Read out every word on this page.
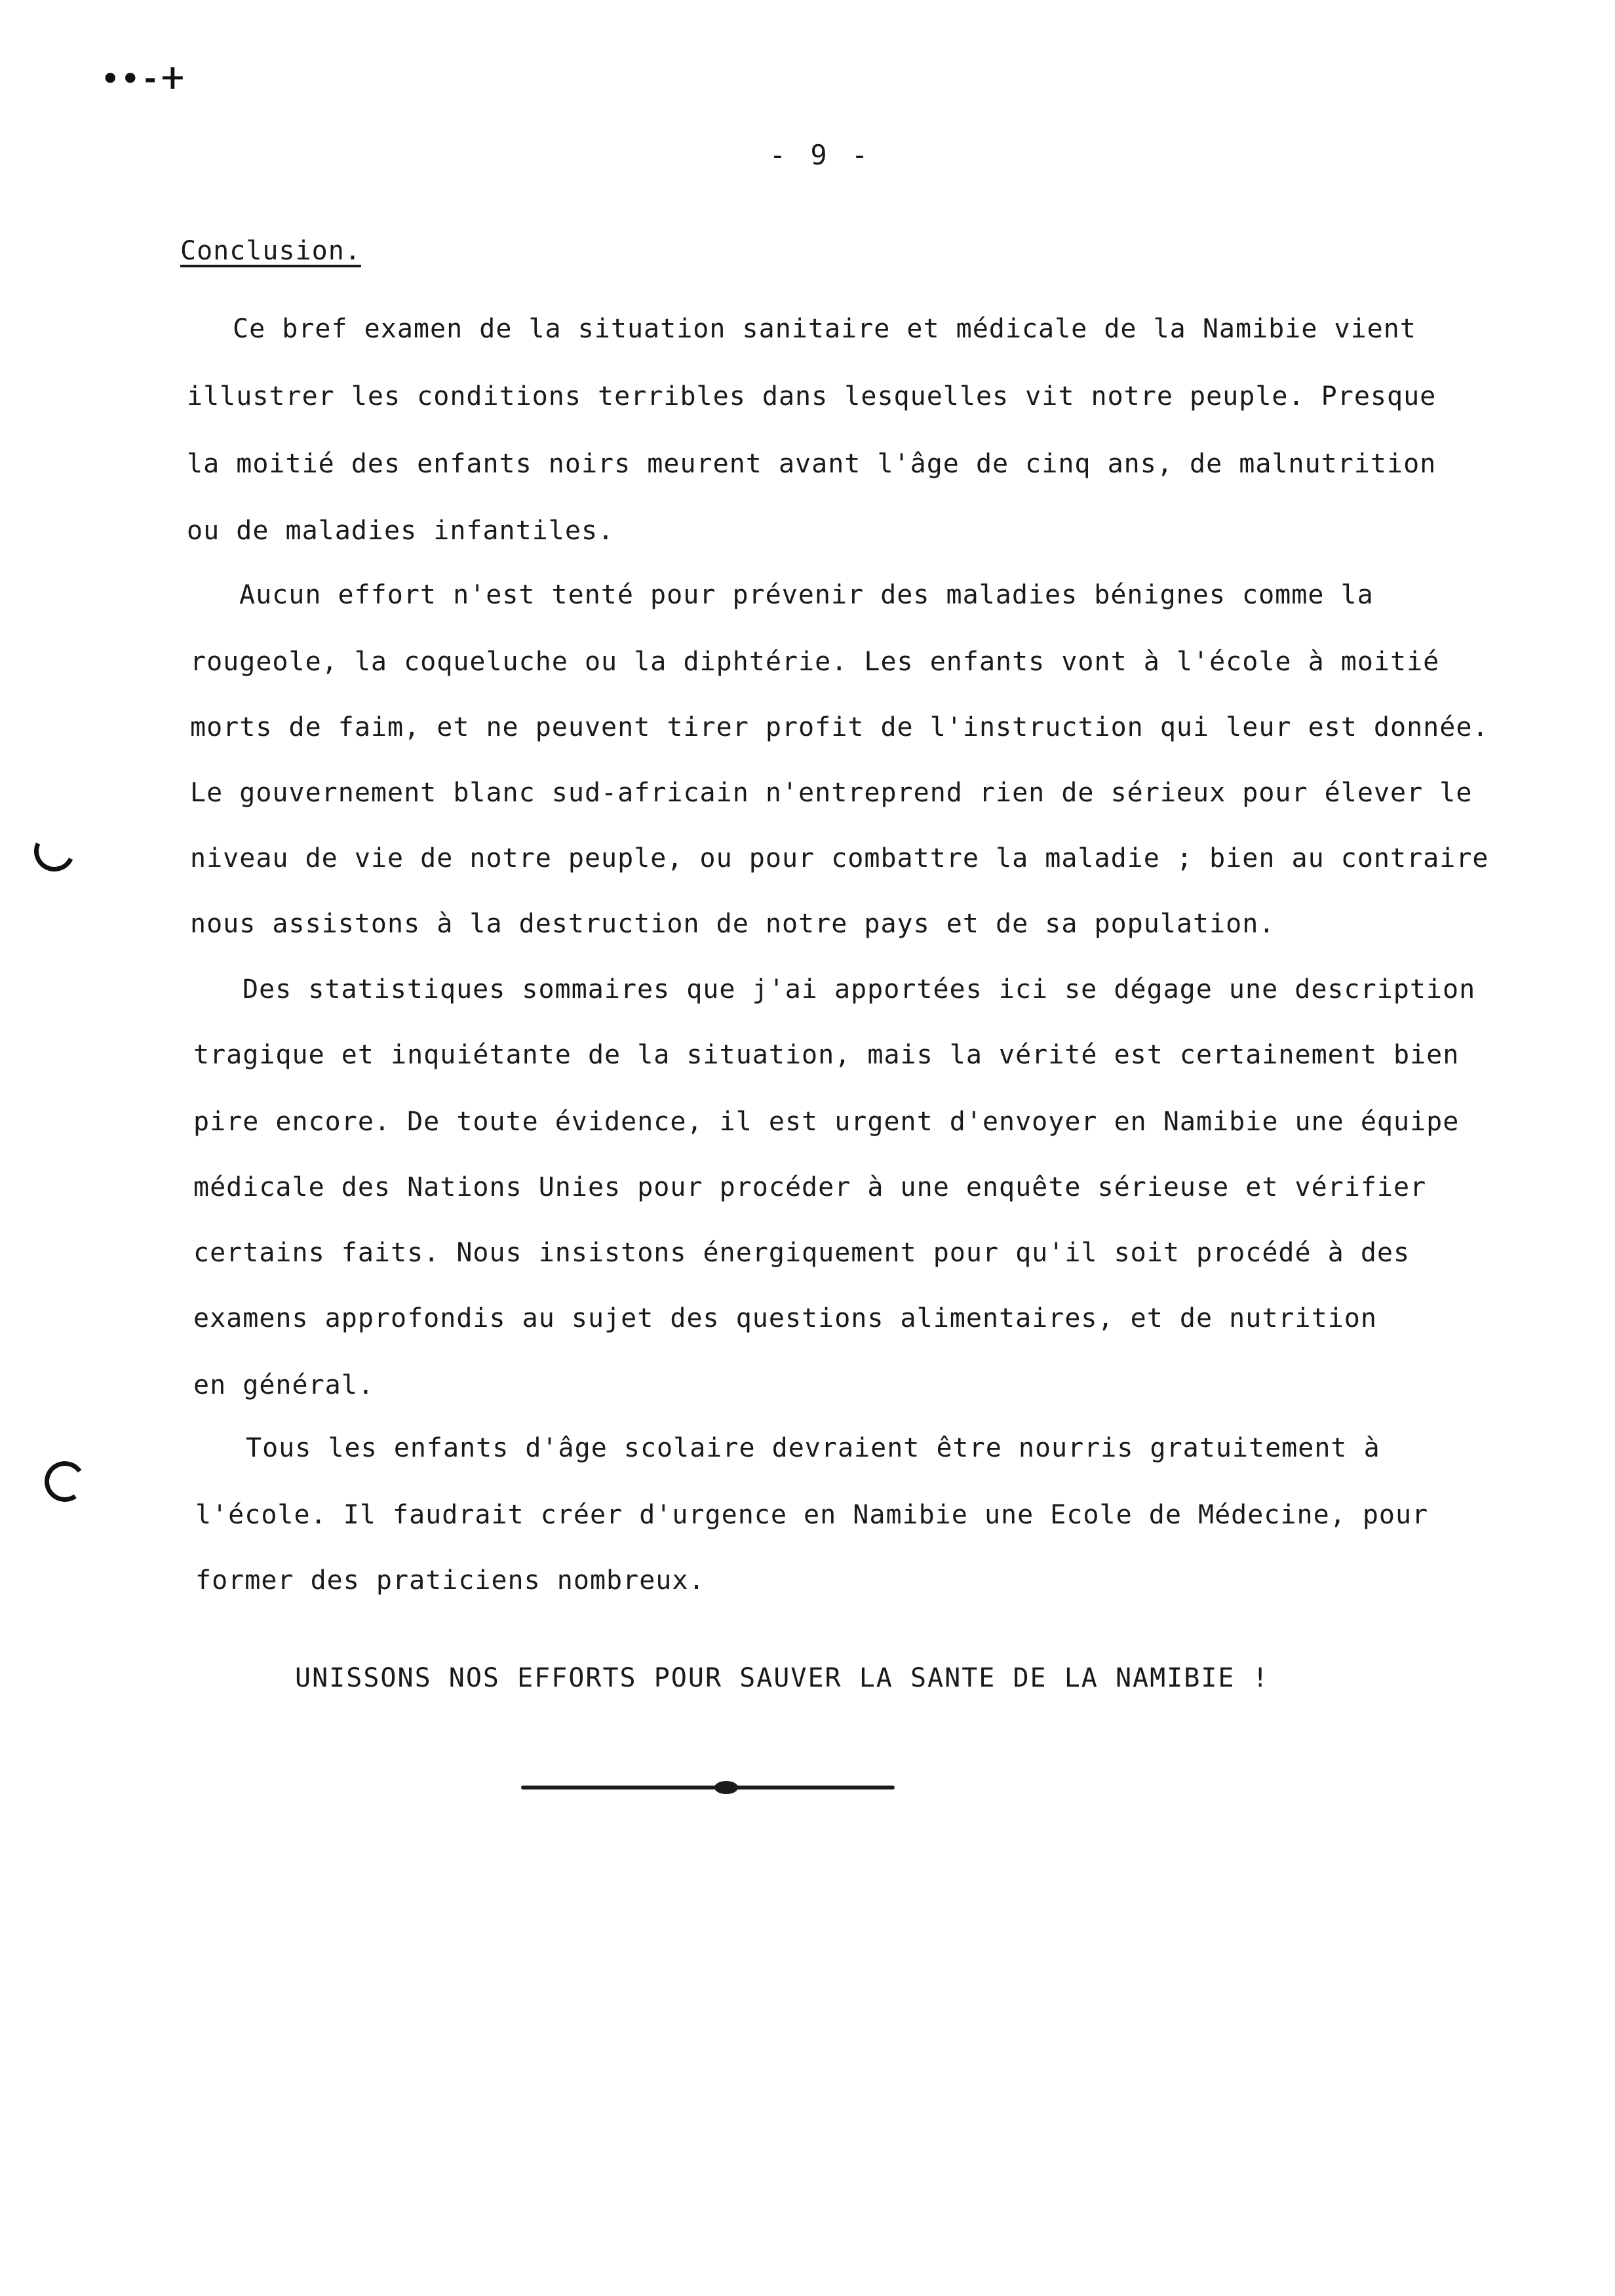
••-ⵜ
- 9 -
Conclusion.
Ce bref examen de la situation sanitaire et médicale de la Namibie vient
illustrer les conditions terribles dans lesquelles vit notre peuple. Presque
la moitié des enfants noirs meurent avant l'âge de cinq ans, de malnutrition
ou de maladies infantiles.
Aucun effort n'est tenté pour prévenir des maladies bénignes comme la
rougeole, la coqueluche ou la diphtérie. Les enfants vont à l'école à moitié
morts de faim, et ne peuvent tirer profit de l'instruction qui leur est donnée.
Le gouvernement blanc sud-africain n'entreprend rien de sérieux pour élever le
niveau de vie de notre peuple, ou pour combattre la maladie ; bien au contraire
nous assistons à la destruction de notre pays et de sa population.
Des statistiques sommaires que j'ai apportées ici se dégage une description
tragique et inquiétante de la situation, mais la vérité est certainement bien
pire encore. De toute évidence, il est urgent d'envoyer en Namibie une équipe
médicale des Nations Unies pour procéder à une enquête sérieuse et vérifier
certains faits. Nous insistons énergiquement pour qu'il soit procédé à des
examens approfondis au sujet des questions alimentaires, et de nutrition
en général.
Tous les enfants d'âge scolaire devraient être nourris gratuitement à
l'école. Il faudrait créer d'urgence en Namibie une Ecole de Médecine, pour
former des praticiens nombreux.
UNISSONS NOS EFFORTS POUR SAUVER LA SANTE DE LA NAMIBIE !
